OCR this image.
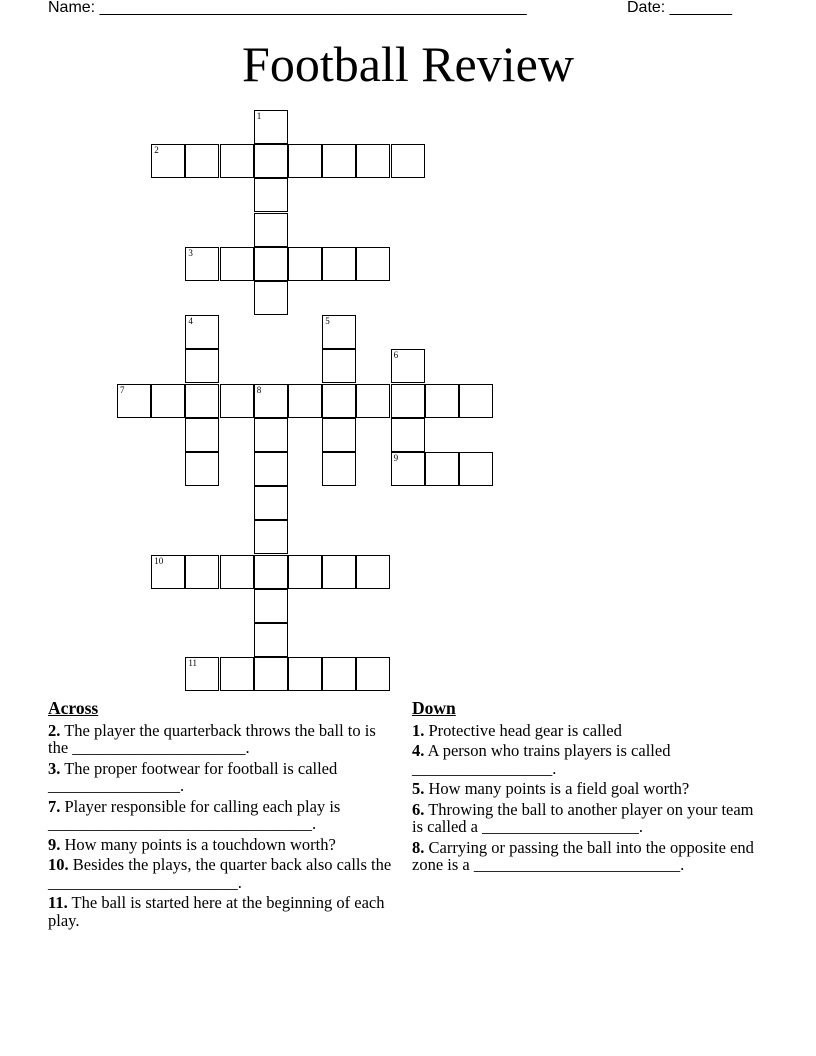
Name: ________________________________________________	Date: _______
Football Review
1
2
3
4	5
6
9
7	8
10
11
Across
2. The player the quarterback throws the ball to is the _____________________.
3. The proper footwear for football is called ________________.
7. Player responsible for calling each play is ________________________________.
9. How many points is a touchdown worth?
10. Besides the plays, the quarter back also calls the _______________________.
11. The ball is started here at the beginning of each play.
Down
1. Protective head gear is called
4. A person who trains players is called _________________.
5. How many points is a field goal worth?
6. Throwing the ball to another player on your team is called a ___________________.
8. Carrying or passing the ball into the opposite end zone is a _________________________.
